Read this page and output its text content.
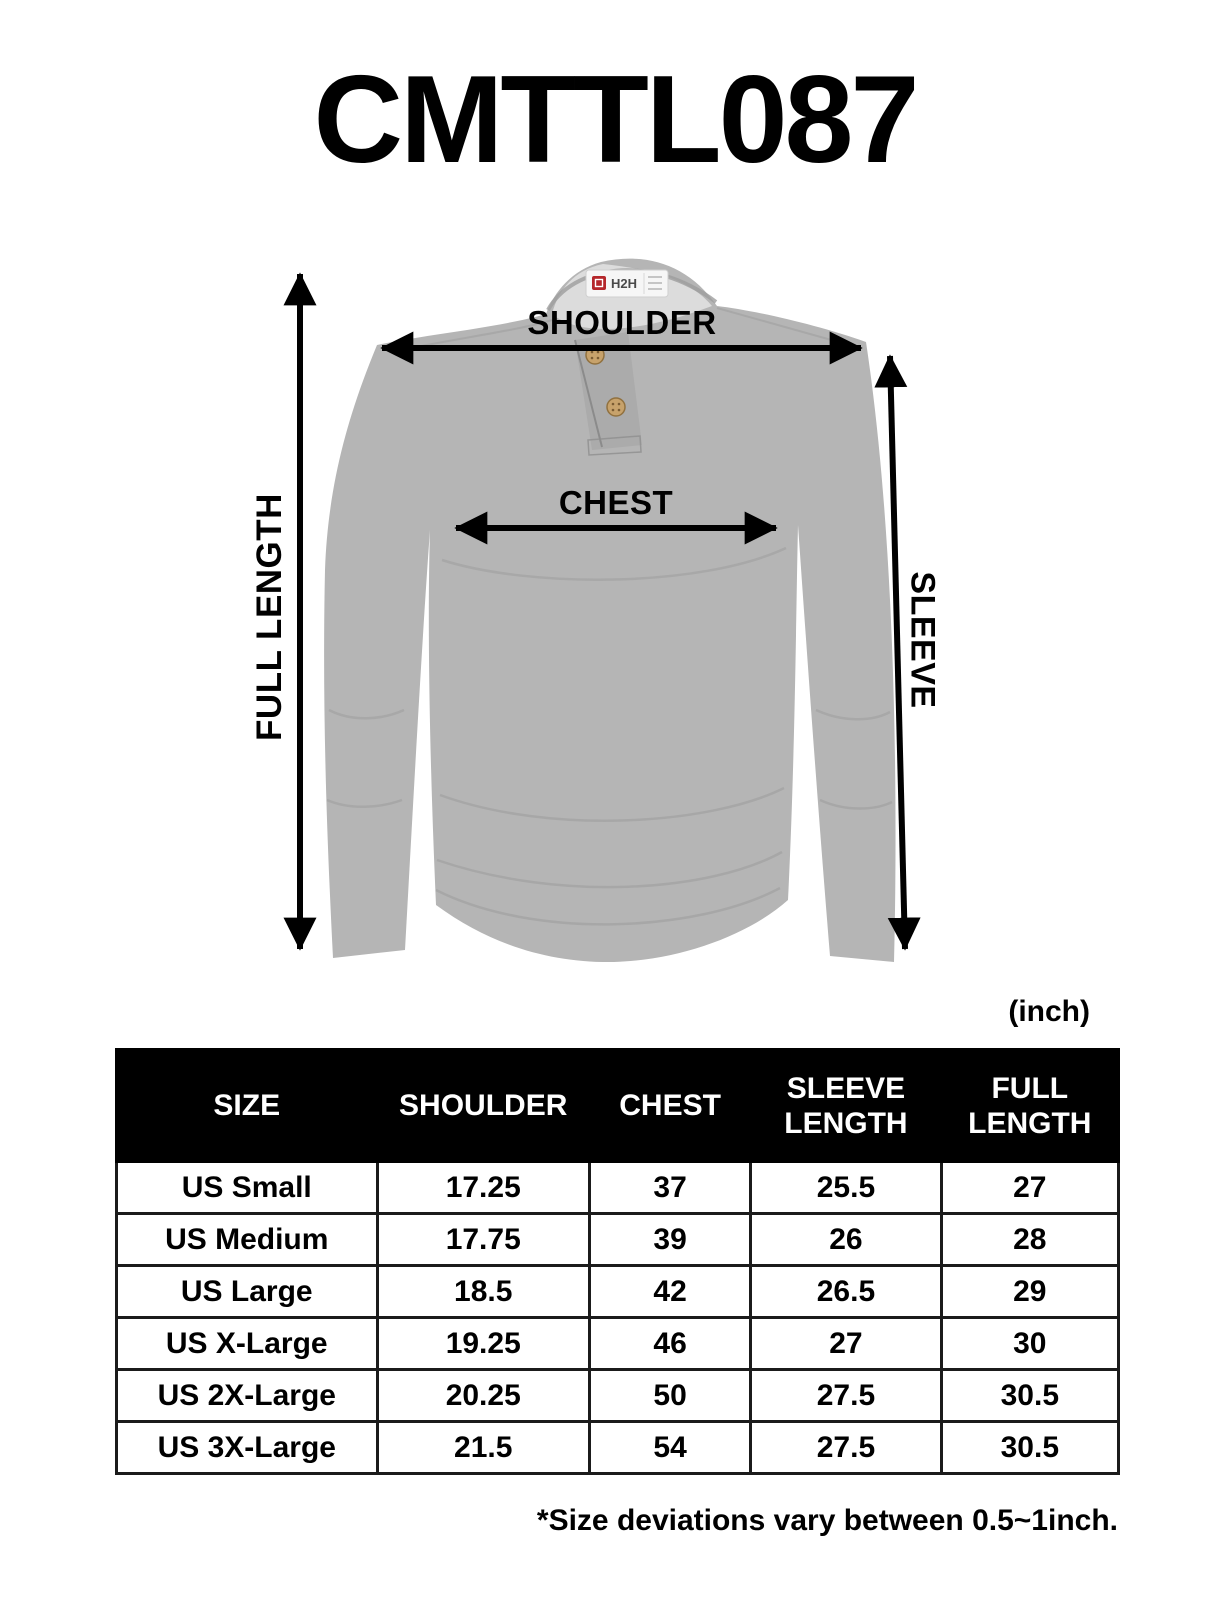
CMTTL087
H2H
SHOULDER
CHEST
FULL LENGTH	SLEEVE
(inch)
SIZE	SHOULDER	CHEST	SLEEVE LENGTH	FULL LENGTH
US Small	17.25	37	25.5	27
US Medium	17.75	39	26	28
US Large	18.5	42	26.5	29
US X-Large	19.25	46	27	30
US 2X-Large	20.25	50	27.5	30.5
US 3X-Large	21.5	54	27.5	30.5
*Size deviations vary between 0.5~1inch.
